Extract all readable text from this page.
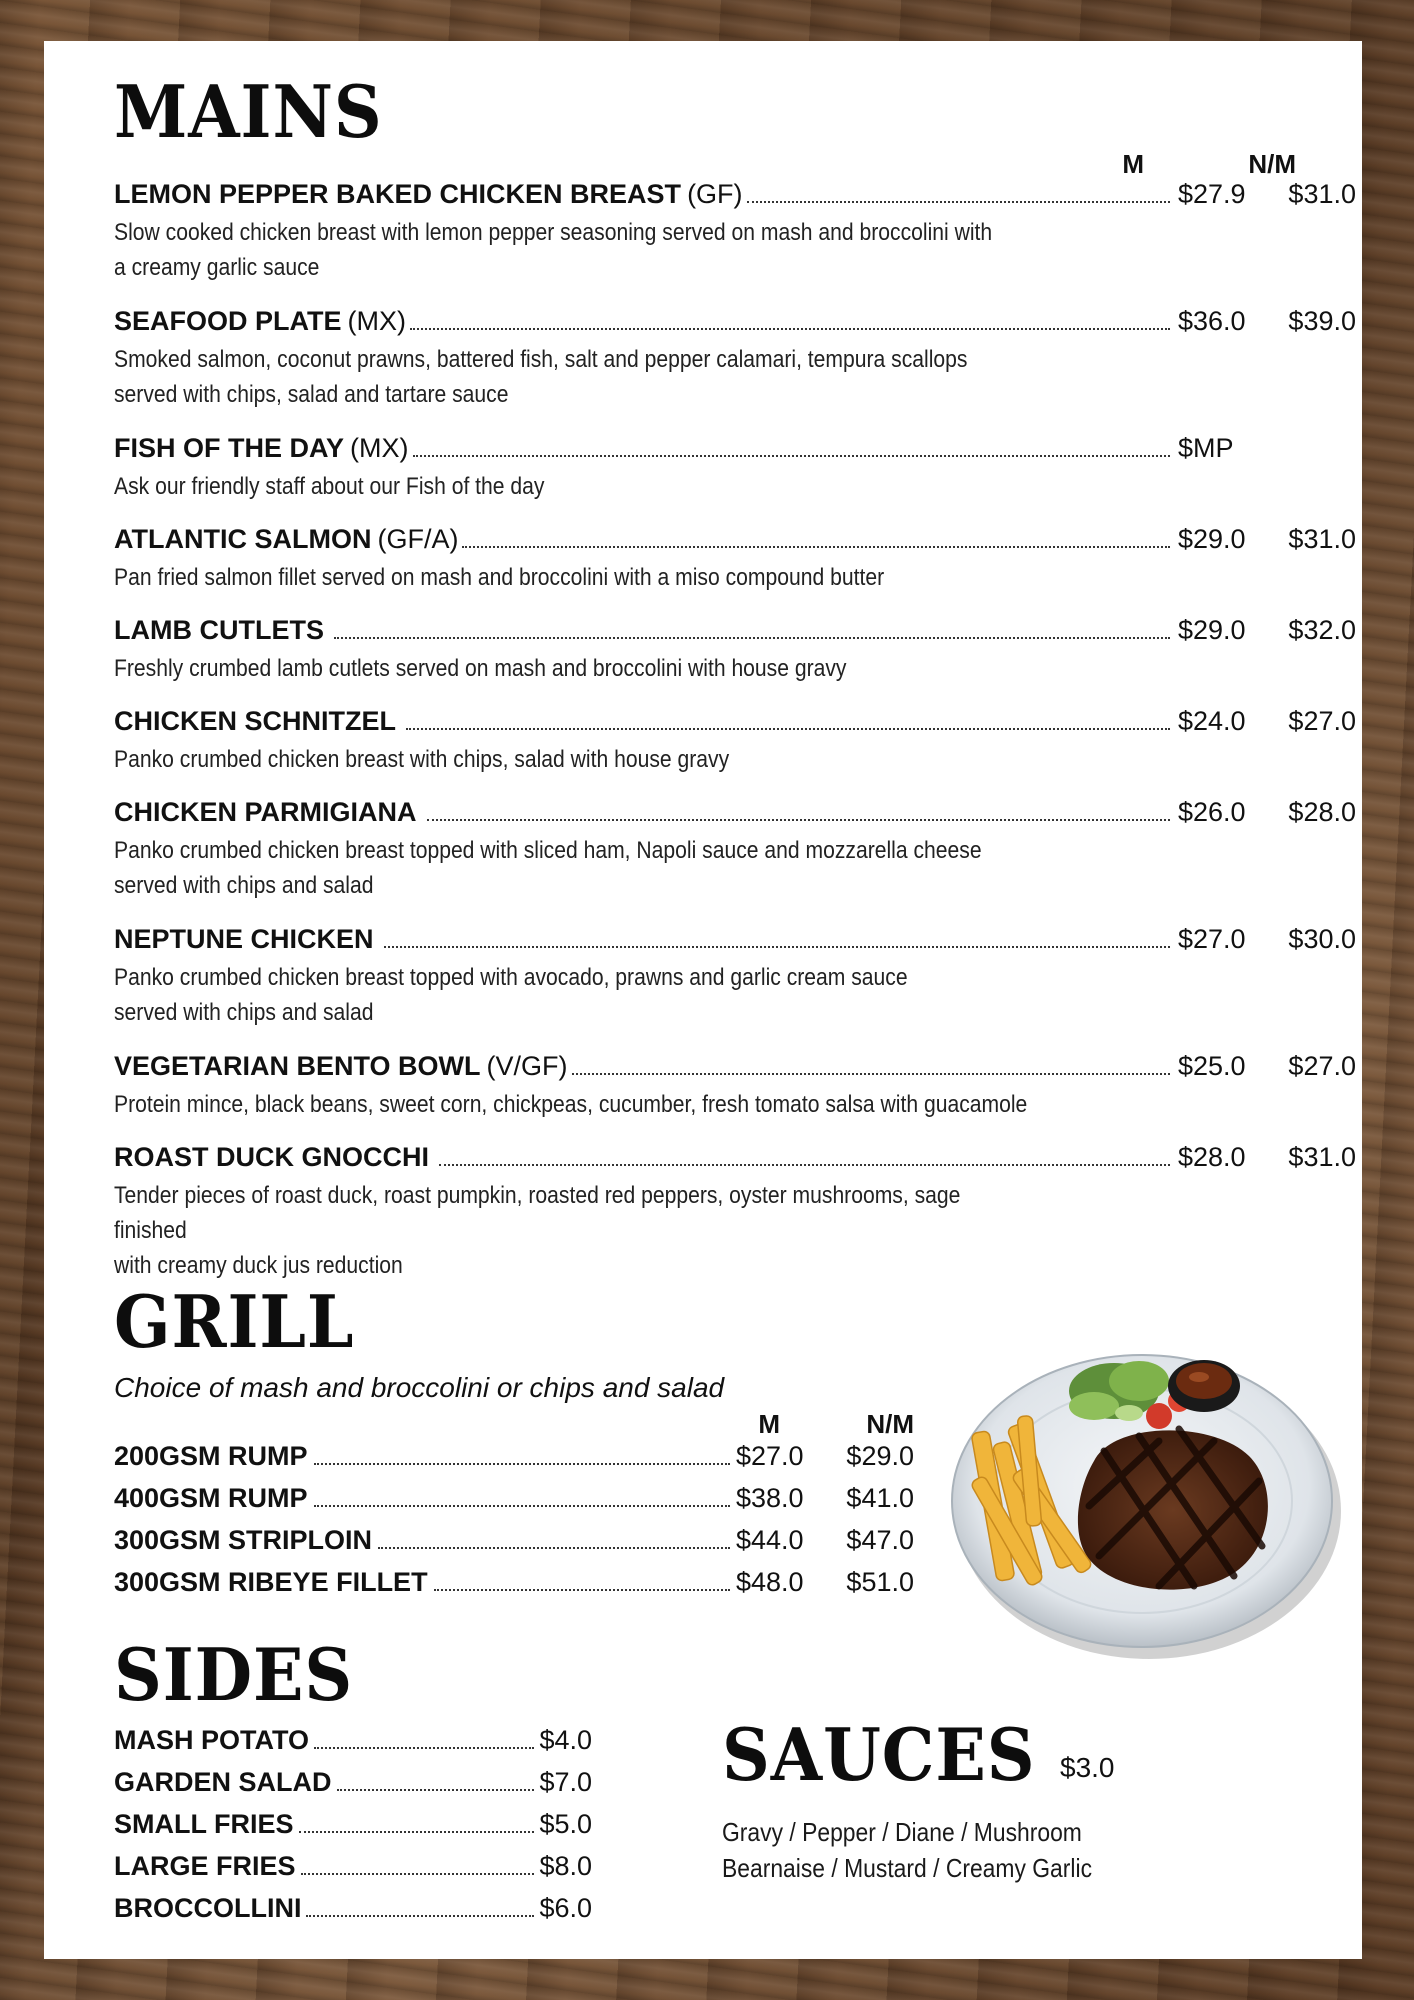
MAINS
M	N/M
LEMON PEPPER BAKED CHICKEN BREAST (GF)	$27.9	$31.0
Slow cooked chicken breast with lemon pepper seasoning served on mash and broccolini with
a creamy garlic sauce
SEAFOOD PLATE (MX)	$36.0	$39.0
Smoked salmon, coconut prawns, battered fish, salt and pepper calamari, tempura scallops
served with chips, salad and tartare sauce
FISH OF THE DAY (MX)	$MP
Ask our friendly staff about our Fish of the day
ATLANTIC SALMON (GF/A)	$29.0	$31.0
Pan fried salmon fillet served on mash and broccolini with a miso compound butter
LAMB CUTLETS	$29.0	$32.0
Freshly crumbed lamb cutlets served on mash and broccolini with house gravy
CHICKEN SCHNITZEL	$24.0	$27.0
Panko crumbed chicken breast with chips, salad with house gravy
CHICKEN PARMIGIANA	$26.0	$28.0
Panko crumbed chicken breast topped with sliced ham, Napoli sauce and mozzarella cheese
served with chips and salad
NEPTUNE CHICKEN	$27.0	$30.0
Panko crumbed chicken breast topped with avocado, prawns and garlic cream sauce
served with chips and salad
VEGETARIAN BENTO BOWL (V/GF)	$25.0	$27.0
Protein mince, black beans, sweet corn, chickpeas, cucumber, fresh tomato salsa with guacamole
ROAST DUCK GNOCCHI	$28.0	$31.0
Tender pieces of roast duck, roast pumpkin, roasted red peppers, oyster mushrooms, sage finished
with creamy duck jus reduction
GRILL
Choice of mash and broccolini or chips and salad
M	N/M
200GSM RUMP	$27.0	$29.0
400GSM RUMP	$38.0	$41.0
300GSM STRIPLOIN	$44.0	$47.0
300GSM RIBEYE FILLET	$48.0	$51.0
SIDES
MASH POTATO	$4.0
GARDEN SALAD	$7.0
SMALL FRIES	$5.0
LARGE FRIES	$8.0
BROCCOLLINI	$6.0
SAUCES $3.0
Gravy / Pepper / Diane / Mushroom
Bearnaise / Mustard / Creamy Garlic
